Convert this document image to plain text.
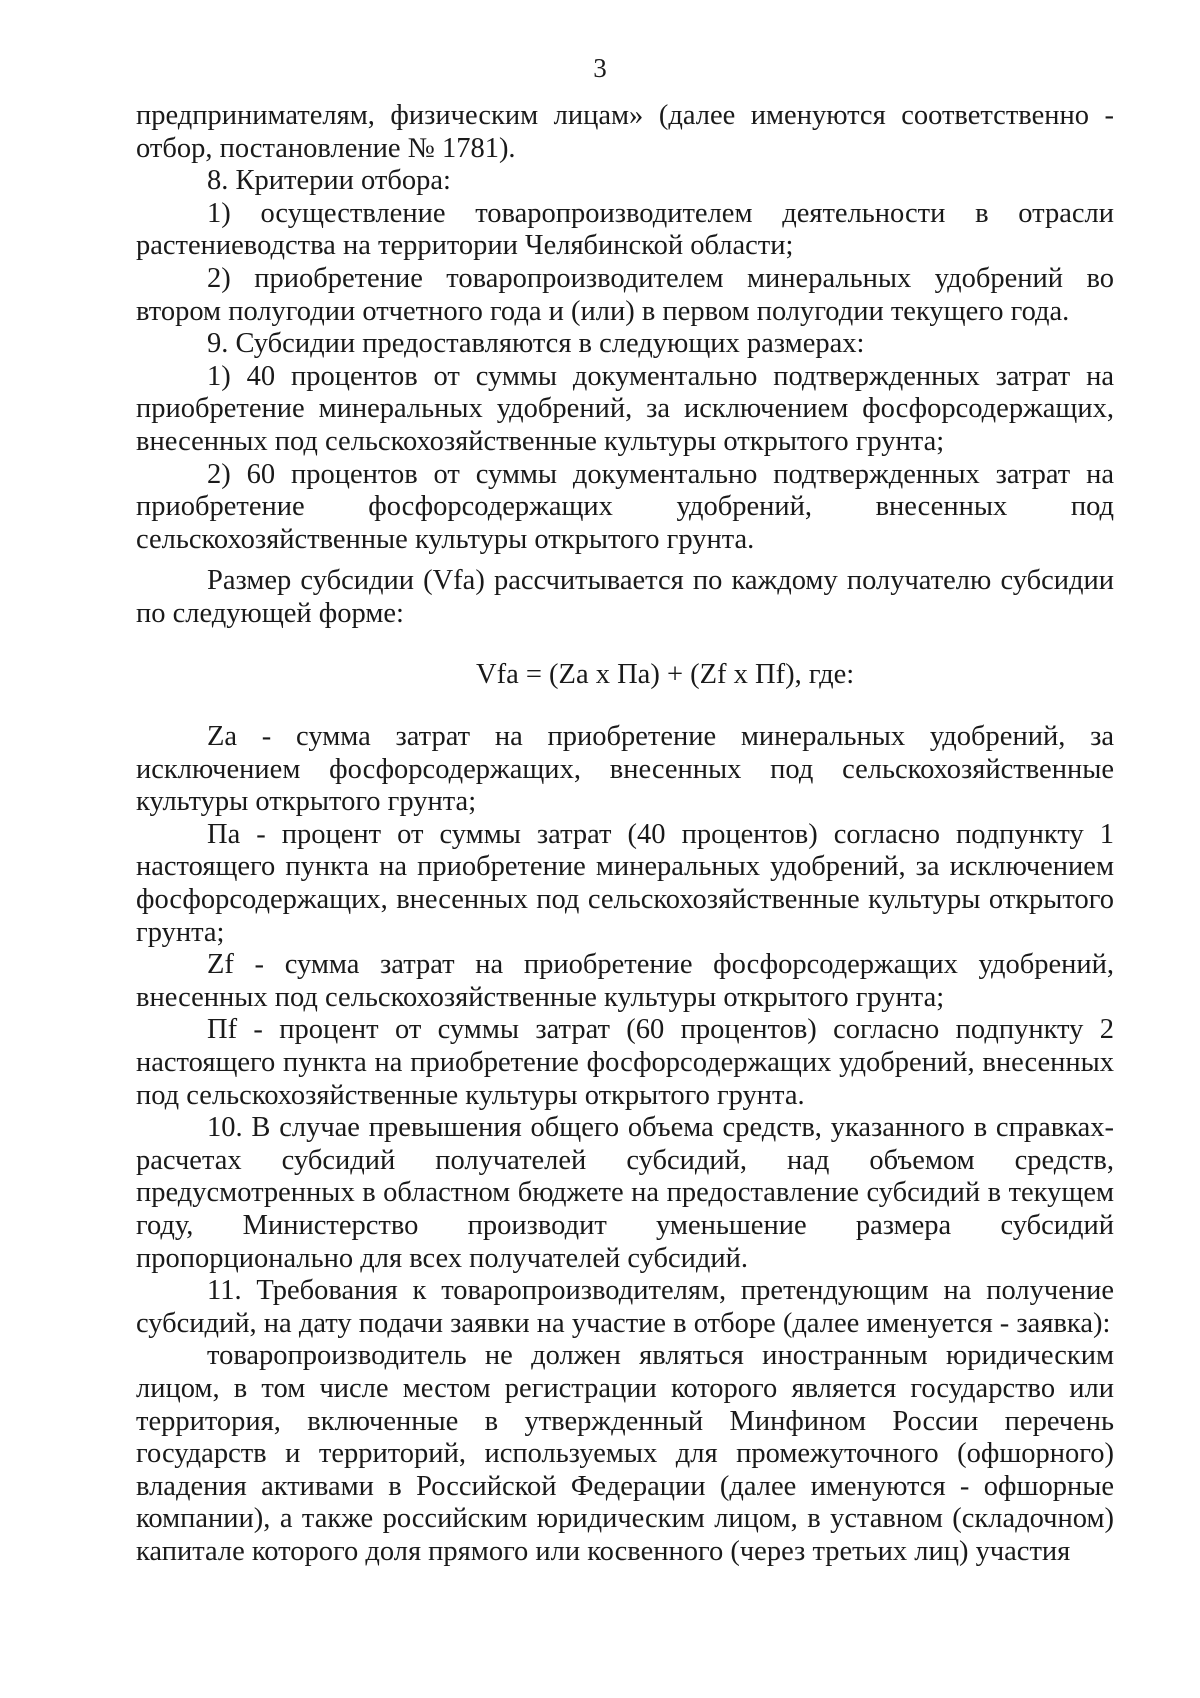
3

предпринимателям, физическим лицам» (далее именуются соответственно - отбор, постановление № 1781).

8. Критерии отбора:

1) осуществление товаропроизводителем деятельности в отрасли растениеводства на территории Челябинской области;

2) приобретение товаропроизводителем минеральных удобрений во втором полугодии отчетного года и (или) в первом полугодии текущего года.

9. Субсидии предоставляются в следующих размерах:

1) 40 процентов от суммы документально подтвержденных затрат на приобретение минеральных удобрений, за исключением фосфорсодержащих, внесенных под сельскохозяйственные культуры открытого грунта;

2) 60 процентов от суммы документально подтвержденных затрат на приобретение фосфорсодержащих удобрений, внесенных под сельскохозяйственные культуры открытого грунта.

Размер субсидии (Vfa) рассчитывается по каждому получателю субсидии по следующей форме:

Vfa = (Za x Па) + (Zf x Пf), где:

Za - сумма затрат на приобретение минеральных удобрений, за исключением фосфорсодержащих, внесенных под сельскохозяйственные культуры открытого грунта;

Па - процент от суммы затрат (40 процентов) согласно подпункту 1 настоящего пункта на приобретение минеральных удобрений, за исключением фосфорсодержащих, внесенных под сельскохозяйственные культуры открытого грунта;

Zf - сумма затрат на приобретение фосфорсодержащих удобрений, внесенных под сельскохозяйственные культуры открытого грунта;

Пf - процент от суммы затрат (60 процентов) согласно подпункту 2 настоящего пункта на приобретение фосфорсодержащих удобрений, внесенных под сельскохозяйственные культуры открытого грунта.

10. В случае превышения общего объема средств, указанного в справках-расчетах субсидий получателей субсидий, над объемом средств, предусмотренных в областном бюджете на предоставление субсидий в текущем году, Министерство производит уменьшение размера субсидий пропорционально для всех получателей субсидий.

11. Требования к товаропроизводителям, претендующим на получение субсидий, на дату подачи заявки на участие в отборе (далее именуется - заявка):

товаропроизводитель не должен являться иностранным юридическим лицом, в том числе местом регистрации которого является государство или территория, включенные в утвержденный Минфином России перечень государств и территорий, используемых для промежуточного (офшорного) владения активами в Российской Федерации (далее именуются - офшорные компании), а также российским юридическим лицом, в уставном (складочном) капитале которого доля прямого или косвенного (через третьих лиц) участия
